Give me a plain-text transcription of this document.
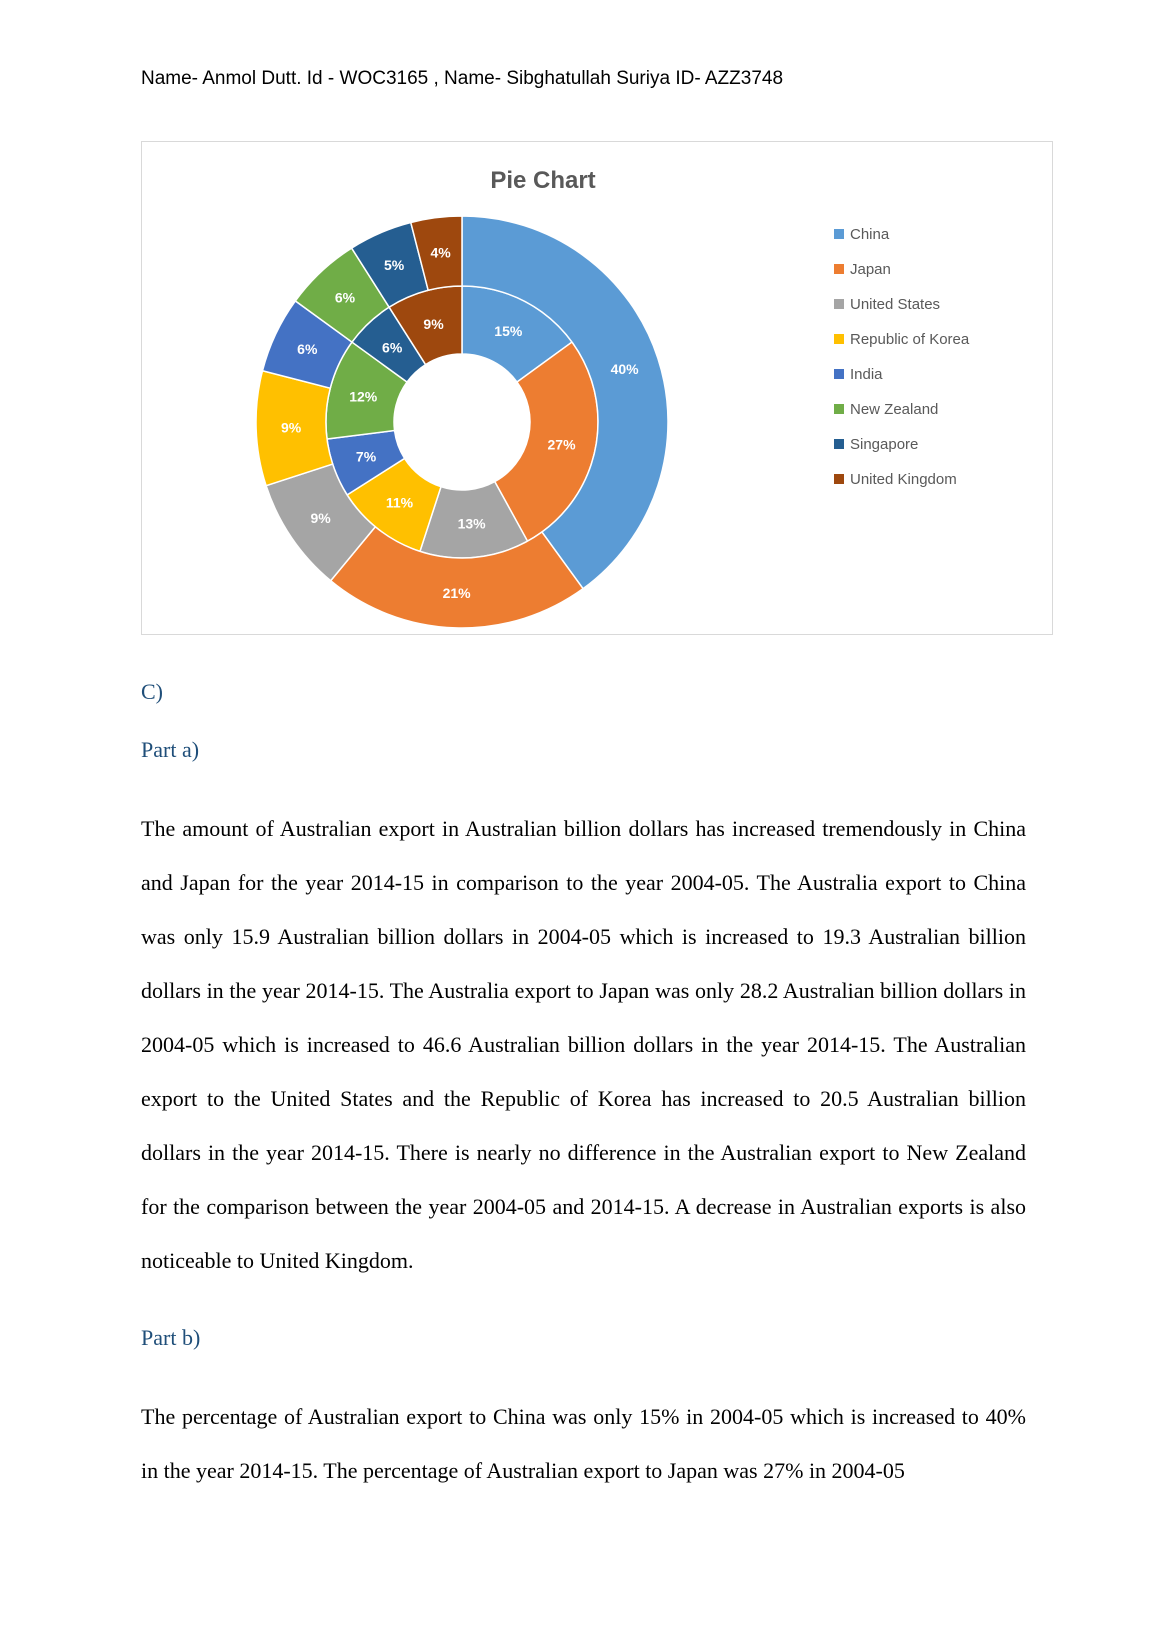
Name- Anmol Dutt. Id - WOC3165 , Name- Sibghatullah Suriya ID- AZZ3748
Pie Chart
15%
27%
13%
11%
7%
12%
6%
9%
40%
21%
9%
9%
6%
6%
5%
4%
China
Japan
United States
Republic of Korea
India
New Zealand
Singapore
United Kingdom
C)
Part a)

The amount of Australian export in Australian billion dollars has increased tremendously in China and Japan for the year 2014-15 in comparison to the year 2004-05. The Australia export to China was only 15.9 Australian billion dollars in 2004-05 which is increased to 19.3 Australian billion dollars in the year 2014-15. The Australia export to Japan was only 28.2 Australian billion dollars in 2004-05 which is increased to 46.6 Australian billion dollars in the year 2014-15. The Australian export to the United States and the Republic of Korea has increased to 20.5 Australian billion dollars in the year 2014-15. There is nearly no difference in the Australian export to New Zealand for the comparison between the year 2004-05 and 2014-15. A decrease in Australian exports is also noticeable to United Kingdom.

Part b)

The percentage of Australian export to China was only 15% in 2004-05 which is increased to 40% in the year 2014-15. The percentage of Australian export to Japan was 27% in 2004-05
